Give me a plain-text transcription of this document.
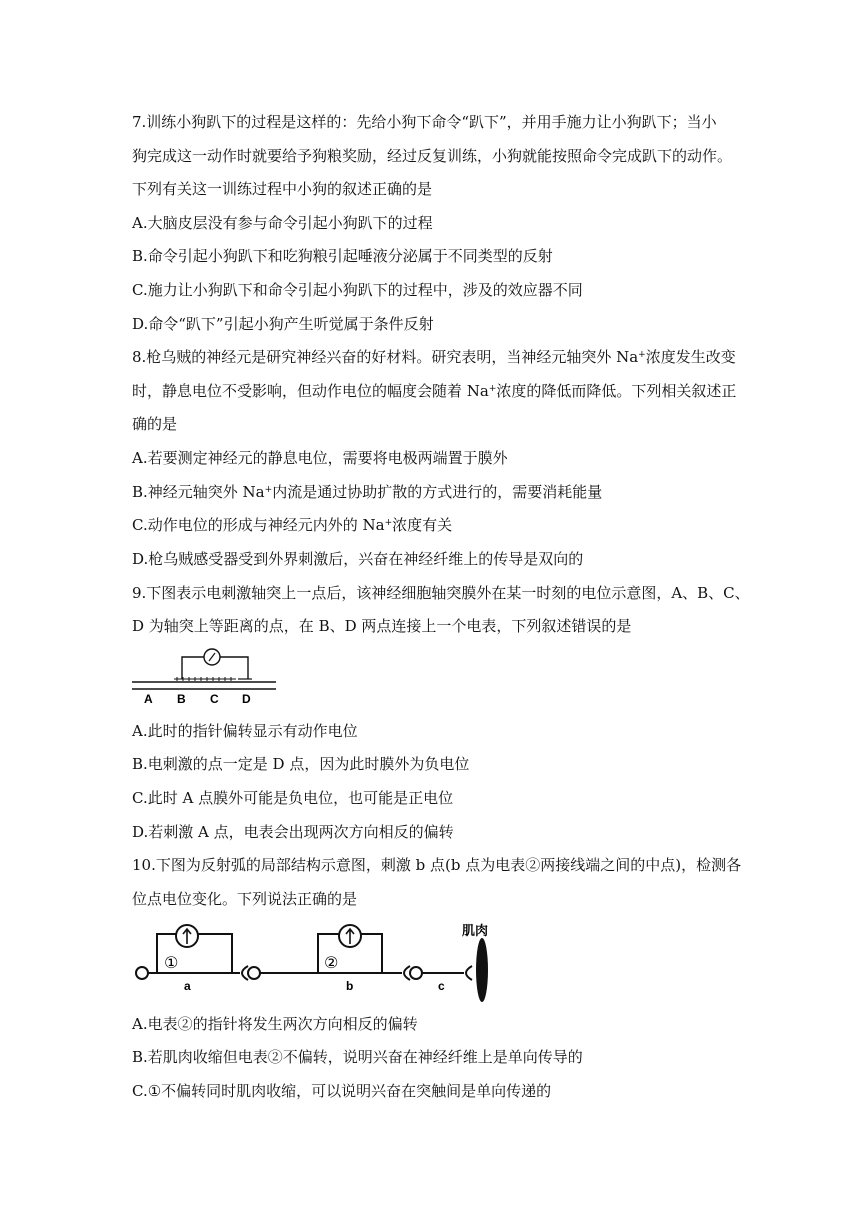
7.训练小狗趴下的过程是这样的：先给小狗下命令“趴下”，并用手施力让小狗趴下；当小
狗完成这一动作时就要给予狗粮奖励，经过反复训练，小狗就能按照命令完成趴下的动作。
下列有关这一训练过程中小狗的叙述正确的是
A.大脑皮层没有参与命令引起小狗趴下的过程
B.命令引起小狗趴下和吃狗粮引起唾液分泌属于不同类型的反射
C.施力让小狗趴下和命令引起小狗趴下的过程中，涉及的效应器不同
D.命令“趴下”引起小狗产生听觉属于条件反射
8.枪乌贼的神经元是研究神经兴奋的好材料。研究表明，当神经元轴突外 Na+浓度发生改变
时，静息电位不受影响，但动作电位的幅度会随着 Na+浓度的降低而降低。下列相关叙述正
确的是
A.若要测定神经元的静息电位，需要将电极两端置于膜外
B.神经元轴突外 Na+内流是通过协助扩散的方式进行的，需要消耗能量
C.动作电位的形成与神经元内外的 Na+浓度有关
D.枪乌贼感受器受到外界刺激后，兴奋在神经纤维上的传导是双向的
9.下图表示电刺激轴突上一点后，该神经细胞轴突膜外在某一时刻的电位示意图，A、B、C、
D 为轴突上等距离的点，在 B、D 两点连接上一个电表，下列叙述错误的是
A B C D
A.此时的指针偏转显示有动作电位
B.电刺激的点一定是 D 点，因为此时膜外为负电位
C.此时 A 点膜外可能是负电位，也可能是正电位
D.若刺激 A 点，电表会出现两次方向相反的偏转
10.下图为反射弧的局部结构示意图，刺激 b 点(b 点为电表②两接线端之间的中点)，检测各
位点电位变化。下列说法正确的是
①	②
a	b	c
肌肉
A.电表②的指针将发生两次方向相反的偏转
B.若肌肉收缩但电表②不偏转，说明兴奋在神经纤维上是单向传导的
C.①不偏转同时肌肉收缩，可以说明兴奋在突触间是单向传递的
